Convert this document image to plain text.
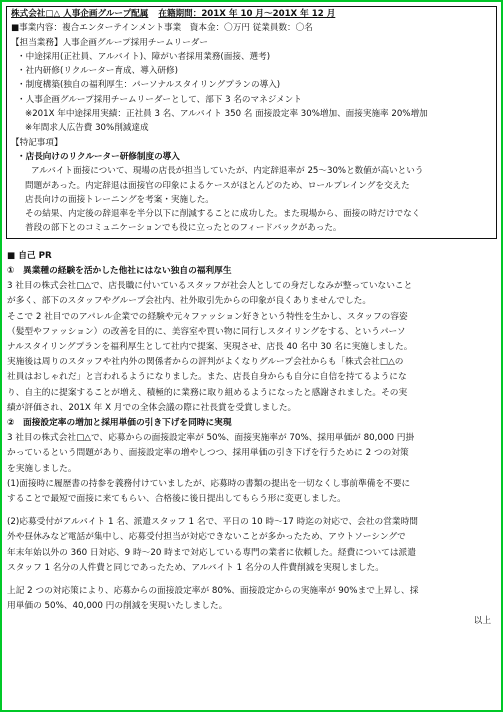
株式会社□△ 人事企画グループ配属 在籍期間：201X 年 10 月〜201X 年 12 月
■事業内容：複合エンターテインメント事業　資本金：〇万円 従業員数：〇名
【担当業務】人事企画グループ採用チームリーダー
・中途採用(正社員、アルバイト)、障がい者採用業務(面接、選考)
・社内研修(リクルーター育成、導入研修)
・制度構築(独自の福利厚生：パーソナルスタイリングプランの導入)
・人事企画グループ採用チームリーダーとして、部下 3 名のマネジメント
※201X 年中途採用実績：正社員 3 名、アルバイト 350 名 面接設定率 30%増加、面接実施率 20%増加
※年間求人広告費 30%削減達成
【特記事項】
・店長向けのリクルーター研修制度の導入
アルバイト面接について、現場の店長が担当していたが、内定辞退率が 25〜30%と数値が高いという
問題があった。内定辞退は面接官の印象によるケースがほとんどのため、ロールプレイングを交えた
店長向けの面接トレーニングを考案・実施した。
その結果、内定後の辞退率を半分以下に削減することに成功した。また現場から、面接の時だけでなく
普段の部下とのコミュニケーションでも役に立ったとのフィードバックがあった。
■ 自己 PR
①　異業種の経験を活かした他社にはない独自の福利厚生
3 社目の株式会社□△で、店長職に付いているスタッフが社会人としての身だしなみが整っていないこと
が多く、部下のスタッフやグループ会社内、社外取引先からの印象が良くありませんでした。
そこで 2 社目でのアパレル企業での経験や元々ファッション好きという特性を生かし、スタッフの容姿
（髪型やファッション）の改善を目的に、美容室や買い物に同行しスタイリングをする、というパーソ
ナルスタイリングプランを福利厚生として社内で提案、実現させ、店長 40 名中 30 名に実施しました。
実施後は周りのスタッフや社内外の関係者からの評判がよくなりグループ会社からも「株式会社□△の
社員はおしゃれだ」と言われるようになりました。また、店長自身からも自分に自信を持てるようにな
り、自主的に提案することが増え、積極的に業務に取り組めるようになったと感謝されました。その実
績が評価され、201X 年 X 月での全体会議の際に社長賞を受賞しました。
②　面接設定率の増加と採用単価の引き下げを同時に実現
3 社目の株式会社□△で、応募からの面接設定率が 50%、面接実施率が 70%、採用単価が 80,000 円掛
かっているという問題があり、面接設定率の増やしつつ、採用単価の引き下げを行うために 2 つの対策
を実施しました。
(1)面接時に履歴書の持参を義務付けていましたが、応募時の書類の提出を一切なくし事前準備を不要に
することで最短で面接に来てもらい、合格後に後日提出してもらう形に変更しました。
(2)応募受付がアルバイト 1 名、派遣スタッフ 1 名で、平日の 10 時〜17 時迄の対応で、会社の営業時間
外や昼休みなど電話が集中し、応募受付担当が対応できないことが多かったため、アウトソーシングで
年末年始以外の 360 日対応、9 時〜20 時まで対応している専門の業者に依頼した。経費については派遣
スタッフ 1 名分の人件費と同じであったため、アルバイト 1 名分の人件費削減を実現しました。
上記 2 つの対応策により、応募からの面接設定率が 80%、面接設定からの実施率が 90%まで上昇し、採
用単価の 50%、40,000 円の削減を実現いたしました。
以上
